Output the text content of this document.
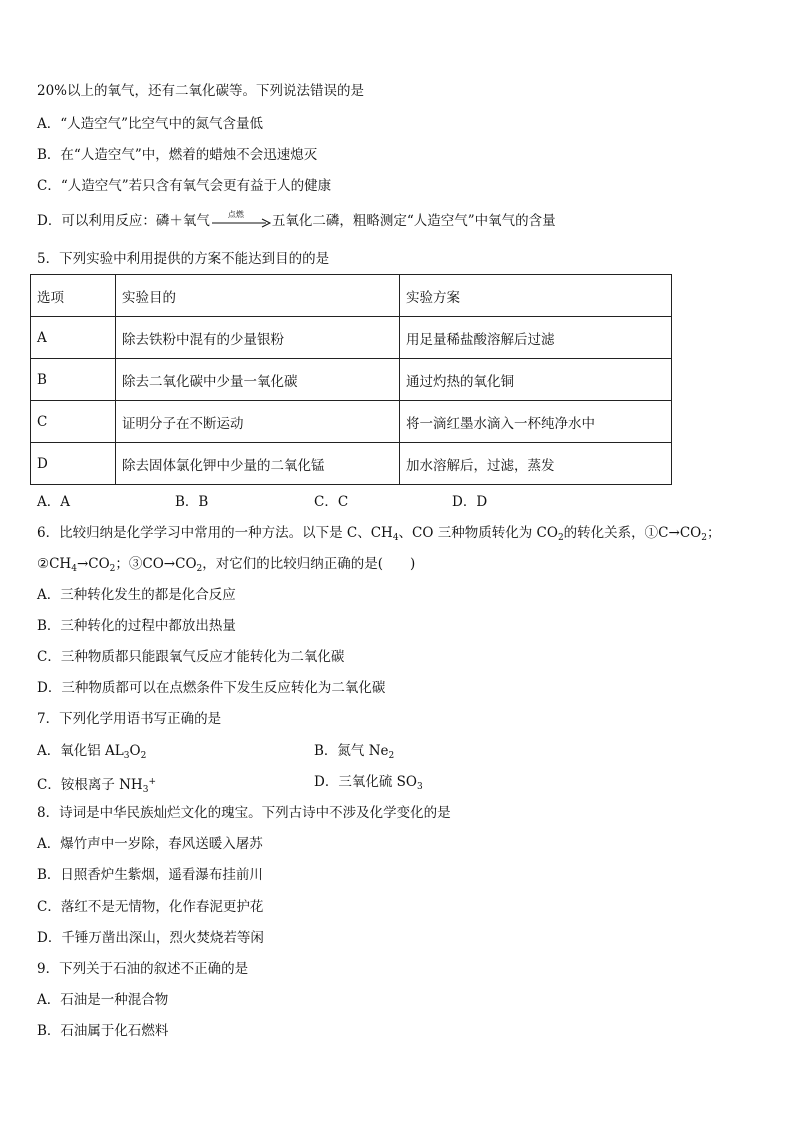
20%以上的氧气，还有二氧化碳等。下列说法错误的是
A．“人造空气”比空气中的氮气含量低
B．在“人造空气”中，燃着的蜡烛不会迅速熄灭
C．“人造空气”若只含有氧气会更有益于人的健康
D．可以利用反应：磷＋氧气 点燃 五氧化二磷，粗略测定“人造空气”中氧气的含量
5．下列实验中利用提供的方案不能达到目的的是
选项	实验目的	实验方案
A	除去铁粉中混有的少量银粉	用足量稀盐酸溶解后过滤
B	除去二氧化碳中少量一氧化碳	通过灼热的氧化铜
C	证明分子在不断运动	将一滴红墨水滴入一杯纯净水中
D	除去固体氯化钾中少量的二氧化锰	加水溶解后，过滤，蒸发
A．A	B．B	C．C	D．D
6．比较归纳是化学学习中常用的一种方法。以下是 C、$CH_4$、CO 三种物质转化为 $CO_2$的转化关系，$①C\to CO_2$；
$②CH_4\to CO_2$；$③CO\to CO_2$，对它们的比较归纳正确的是(　　)
A．三种转化发生的都是化合反应
B．三种转化的过程中都放出热量
C．三种物质都只能跟氧气反应才能转化为二氧化碳
D．三种物质都可以在点燃条件下发生反应转化为二氧化碳
7．下列化学用语书写正确的是
A．氧化铝 $AL_3O_2$	B．氮气 $Ne_2$
C．铵根离子 $NH_3^+$	D．三氧化硫 $SO_3$
8．诗词是中华民族灿烂文化的瑰宝。下列古诗中不涉及化学变化的是
A．爆竹声中一岁除，春风送暖入屠苏
B．日照香炉生紫烟，遥看瀑布挂前川
C．落红不是无情物，化作春泥更护花
D．千锤万凿出深山，烈火焚烧若等闲
9．下列关于石油的叙述不正确的是
A．石油是一种混合物
B．石油属于化石燃料
